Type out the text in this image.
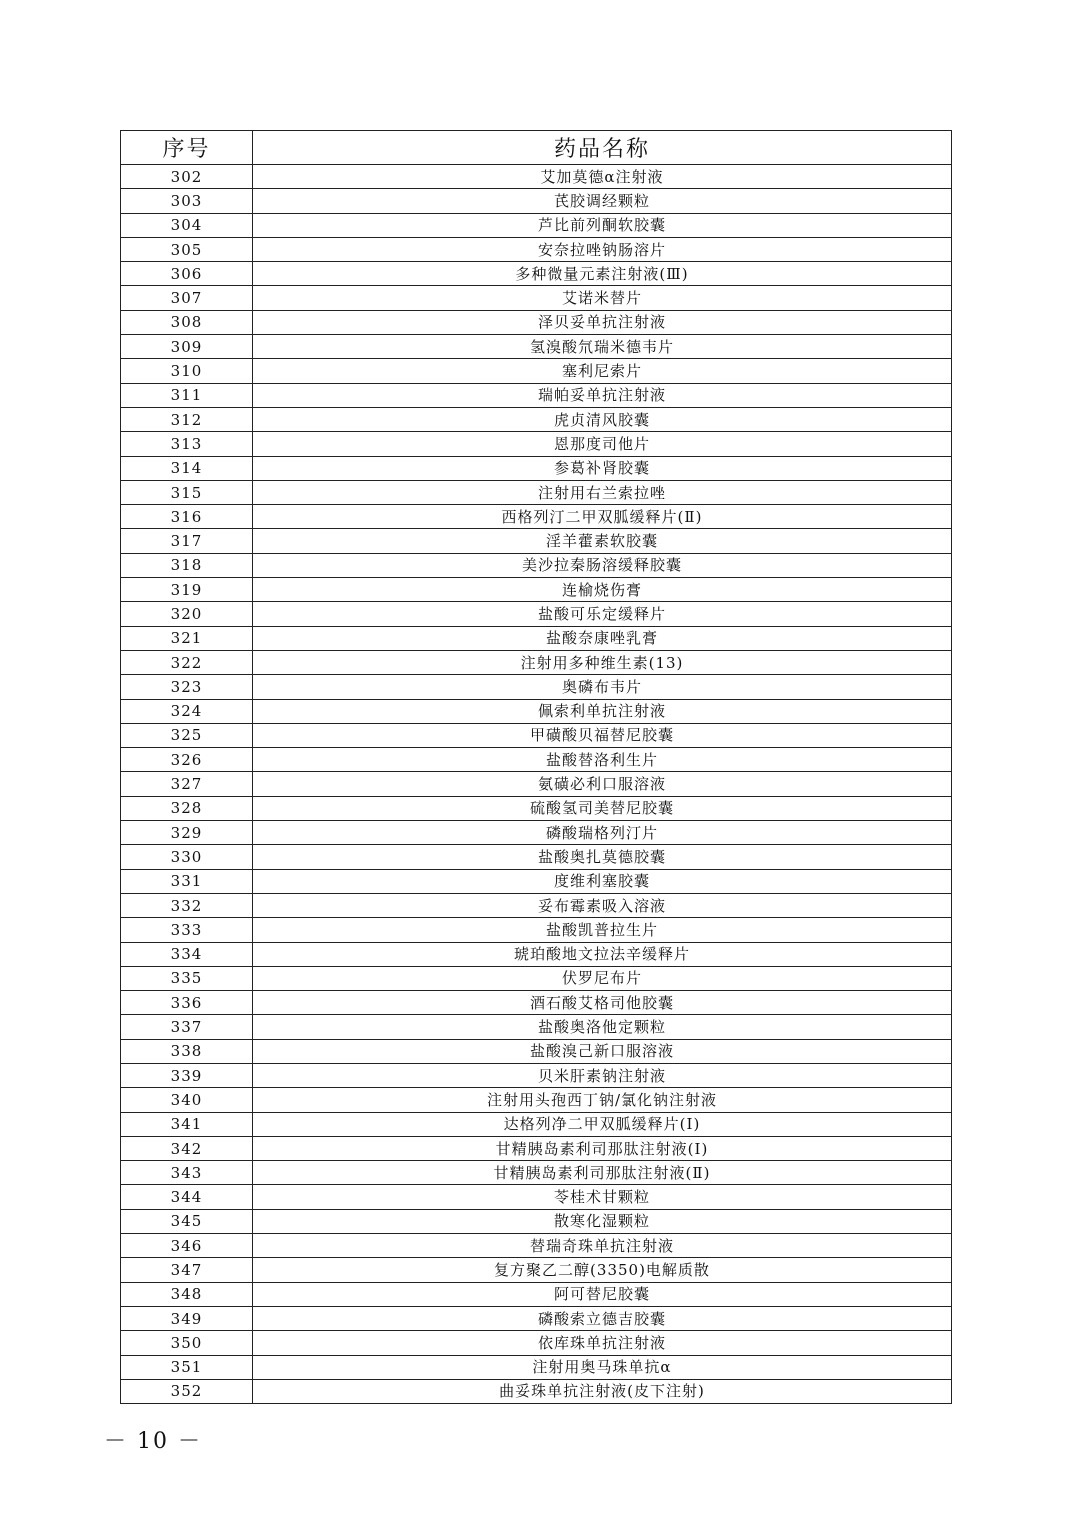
序号	药品名称
302	艾加莫德α注射液
303	芪胶调经颗粒
304	芦比前列酮软胶囊
305	安奈拉唑钠肠溶片
306	多种微量元素注射液(Ⅲ)
307	艾诺米替片
308	泽贝妥单抗注射液
309	氢溴酸氘瑞米德韦片
310	塞利尼索片
311	瑞帕妥单抗注射液
312	虎贞清风胶囊
313	恩那度司他片
314	参葛补肾胶囊
315	注射用右兰索拉唑
316	西格列汀二甲双胍缓释片(Ⅱ)
317	淫羊藿素软胶囊
318	美沙拉秦肠溶缓释胶囊
319	连榆烧伤膏
320	盐酸可乐定缓释片
321	盐酸奈康唑乳膏
322	注射用多种维生素(13)
323	奥磷布韦片
324	佩索利单抗注射液
325	甲磺酸贝福替尼胶囊
326	盐酸替洛利生片
327	氨磺必利口服溶液
328	硫酸氢司美替尼胶囊
329	磷酸瑞格列汀片
330	盐酸奥扎莫德胶囊
331	度维利塞胶囊
332	妥布霉素吸入溶液
333	盐酸凯普拉生片
334	琥珀酸地文拉法辛缓释片
335	伏罗尼布片
336	酒石酸艾格司他胶囊
337	盐酸奥洛他定颗粒
338	盐酸溴己新口服溶液
339	贝米肝素钠注射液
340	注射用头孢西丁钠/氯化钠注射液
341	达格列净二甲双胍缓释片(Ⅰ)
342	甘精胰岛素利司那肽注射液(Ⅰ)
343	甘精胰岛素利司那肽注射液(Ⅱ)
344	苓桂术甘颗粒
345	散寒化湿颗粒
346	替瑞奇珠单抗注射液
347	复方聚乙二醇(3350)电解质散
348	阿可替尼胶囊
349	磷酸索立德吉胶囊
350	依库珠单抗注射液
351	注射用奥马珠单抗α
352	曲妥珠单抗注射液(皮下注射)
－ 10 －
